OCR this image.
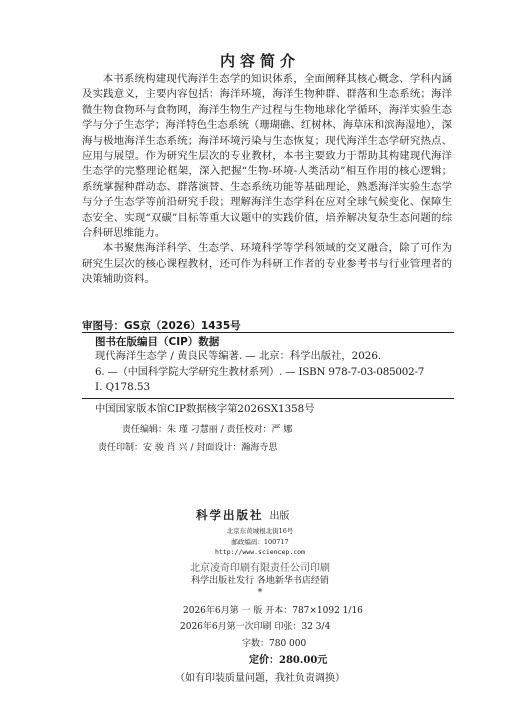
内容简介

本书系统构建现代海洋生态学的知识体系，全面阐释其核心概念、学科内涵及实践意义，主要内容包括：海洋环境，海洋生物种群、群落和生态系统；海洋微生物食物环与食物网，海洋生物生产过程与生物地球化学循环，海洋实验生态学与分子生态学；海洋特色生态系统（珊瑚礁、红树林、海草床和滨海湿地），深海与极地海洋生态系统；海洋环境污染与生态恢复；现代海洋生态学研究热点、应用与展望。作为研究生层次的专业教材，本书主要致力于帮助其构建现代海洋生态学的完整理论框架，深入把握“生物-环境-人类活动”相互作用的核心逻辑；系统掌握种群动态、群落演替、生态系统功能等基础理论，熟悉海洋实验生态学与分子生态学等前沿研究手段；理解海洋生态学科在应对全球气候变化、保障生态安全、实现“双碳”目标等重大议题中的实践价值，培养解决复杂生态问题的综合科研思维能力。

本书聚焦海洋科学、生态学、环境科学等学科领域的交叉融合，除了可作为研究生层次的核心课程教材，还可作为科研工作者的专业参考书与行业管理者的决策辅助资料。

审图号：GS京（2026）1435号
图书在版编目（CIP）数据
现代海洋生态学 / 黄良民等编著. — 北京：科学出版社，2026.
6. —（中国科学院大学研究生教材系列）. — ISBN 978-7-03-085002-7
Ⅰ. Q178.53
中国国家版本馆CIP数据核字第2026SX1358号
责任编辑：朱 瑾 刁慧丽 / 责任校对：严 娜
责任印制：安 骏 肖 兴 / 封面设计：瀚海寺思
科学出版社 出版
北京东黄城根北街16号
邮政编码：100717
http://www.sciencep.com
北京凌奇印刷有限责任公司印刷
科学出版社发行 各地新华书店经销
*
2026年6月第 一 版 开本：787×1092 1/16
2026年6月第一次印刷 印张：32 3/4
字数：780 000
定价：280.00元
（如有印装质量问题，我社负责调换）
